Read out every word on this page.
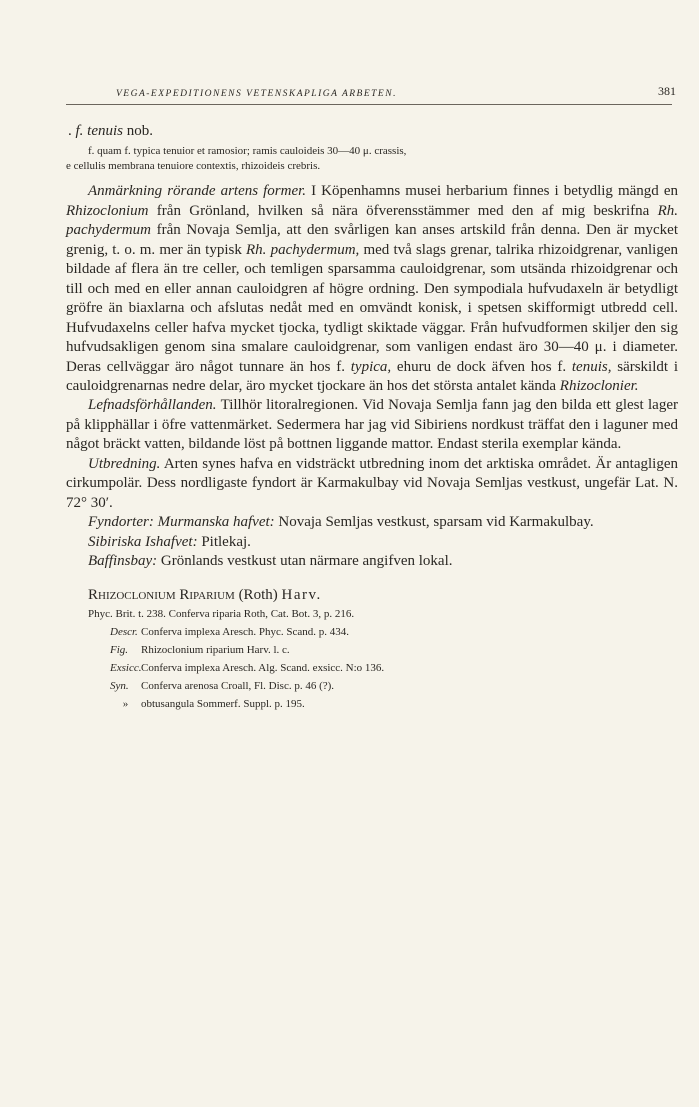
VEGA-EXPEDITIONENS VETENSKAPLIGA ARBETEN.	381

. f. tenuis nob.

f. quam f. typica tenuior et ramosior; ramis cauloideis 30—40 μ. crassis,

e cellulis membrana tenuiore contextis, rhizoideis crebris.

Anmärkning rörande artens former. I Köpenhamns musei herbarium finnes i betydlig mängd en Rhizoclonium från Grönland, hvilken så nära öfverensstämmer med den af mig beskrifna Rh. pachydermum från Novaja Semlja, att den svårligen kan anses artskild från denna. Den är mycket grenig, t. o. m. mer än typisk Rh. pachydermum, med två slags grenar, talrika rhizoidgrenar, vanligen bildade af flera än tre celler, och temligen sparsamma cauloidgrenar, som utsända rhizoidgrenar och till och med en eller annan cauloidgren af högre ordning. Den sympodiala hufvudaxeln är betydligt gröfre än biaxlarna och afslutas nedåt med en omvändt konisk, i spetsen skifformigt utbredd cell. Hufvudaxelns celler hafva mycket tjocka, tydligt skiktade väggar. Från hufvudformen skiljer den sig hufvudsakligen genom sina smalare cauloidgrenar, som vanligen endast äro 30—40 μ. i diameter. Deras cellväggar äro något tunnare än hos f. typica, ehuru de dock äfven hos f. tenuis, särskildt i cauloidgrenarnas nedre delar, äro mycket tjockare än hos det största antalet kända Rhizoclonier.

Lefnadsförhållanden. Tillhör litoralregionen. Vid Novaja Semlja fann jag den bilda ett glest lager på klipphällar i öfre vattenmärket. Sedermera har jag vid Sibiriens nordkust träffat den i laguner med något bräckt vatten, bildande löst på bottnen liggande mattor. Endast sterila exemplar kända.

Utbredning. Arten synes hafva en vidsträckt utbredning inom det arktiska området. Är antagligen cirkumpolär. Dess nordligaste fyndort är Karmakulbay vid Novaja Semljas vestkust, ungefär Lat. N. 72° 30′.

Fyndorter: Murmanska hafvet: Novaja Semljas vestkust, sparsam vid Karmakulbay.

Sibiriska Ishafvet: Pitlekaj.

Baffinsbay: Grönlands vestkust utan närmare angifven lokal.

Rhizoclonium Riparium (Roth) Harv.

Phyc. Brit. t. 238. Conferva riparia Roth, Cat. Bot. 3, p. 216.

Descr. Conferva implexa Aresch. Phyc. Scand. p. 434.

Fig. Rhizoclonium riparium Harv. l. c.

Exsicc.Conferva implexa Aresch. Alg. Scand. exsicc. N:o 136.

Syn. Conferva arenosa Croall, Fl. Disc. p. 46 (?).

» obtusangula Sommerf. Suppl. p. 195.
